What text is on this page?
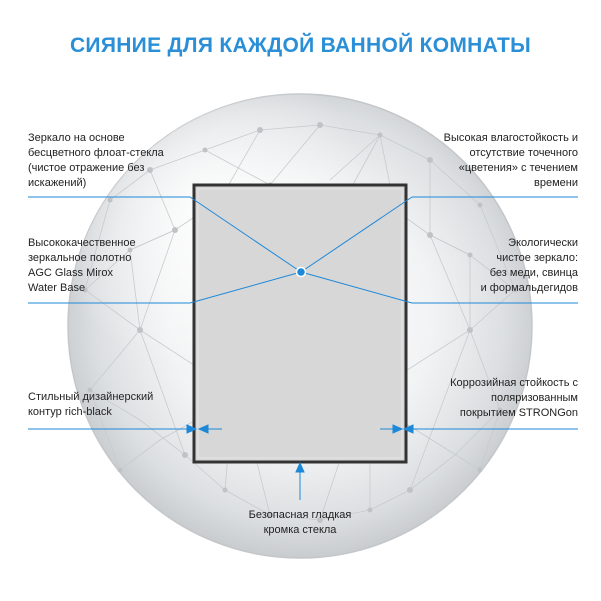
СИЯНИЕ ДЛЯ КАЖДОЙ ВАННОЙ КОМНАТЫ
Зеркало на основе
бесцветного флоат-стекла
(чистое отражение без
искажений)
Высококачественное
зеркальное полотно
AGC Glass Mirox
Water Base
Стильный дизайнерский
контур rich-black
Высокая влагостойкость и
отсутствие точечного
«цветения» с течением
времени
Экологически
чистое зеркало:
без меди, свинца
и формальдегидов
Коррозийная стойкость с
поляризованным
покрытием STRONGon
Безопасная гладкая
кромка стекла
